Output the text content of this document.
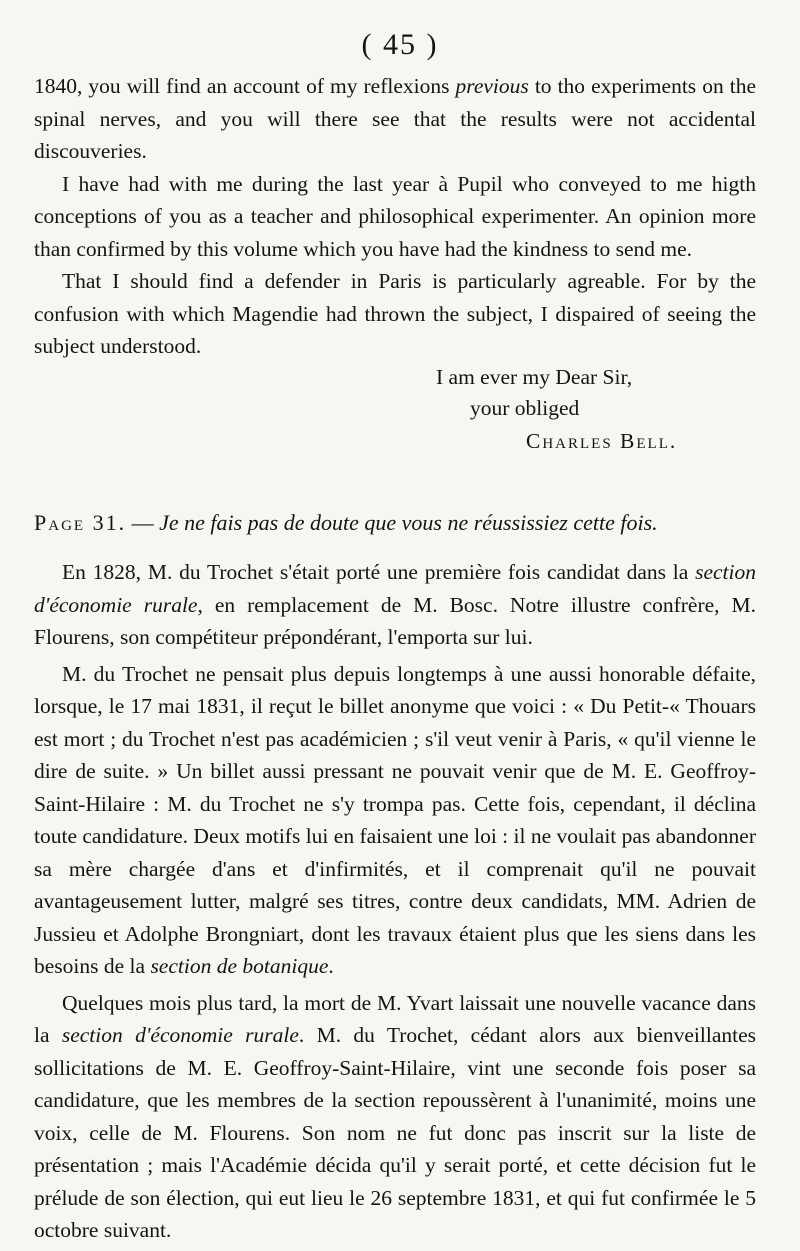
( 45 )

1840, you will find an account of my reflexions previous to tho experiments on the spinal nerves, and you will there see that the results were not accidental discouveries.

I have had with me during the last year à Pupil who conveyed to me higth conceptions of you as a teacher and philosophical experimenter. An opinion more than confirmed by this volume which you have had the kindness to send me.

That I should find a defender in Paris is particularly agreable. For by the confusion with which Magendie had thrown the subject, I dispaired of seeing the subject understood.

I am ever my Dear Sir,
your obliged
Charles Bell.
Page 31. — Je ne fais pas de doute que vous ne réussissiez cette fois.

En 1828, M. du Trochet s'était porté une première fois candidat dans la section d'économie rurale, en remplacement de M. Bosc. Notre illustre confrère, M. Flourens, son compétiteur prépondérant, l'emporta sur lui.

M. du Trochet ne pensait plus depuis longtemps à une aussi honorable défaite, lorsque, le 17 mai 1831, il reçut le billet anonyme que voici : « Du Petit-« Thouars est mort ; du Trochet n'est pas académicien ; s'il veut venir à Paris, « qu'il vienne le dire de suite. » Un billet aussi pressant ne pouvait venir que de M. E. Geoffroy-Saint-Hilaire : M. du Trochet ne s'y trompa pas. Cette fois, cependant, il déclina toute candidature. Deux motifs lui en faisaient une loi : il ne voulait pas abandonner sa mère chargée d'ans et d'infirmités, et il comprenait qu'il ne pouvait avantageusement lutter, malgré ses titres, contre deux candidats, MM. Adrien de Jussieu et Adolphe Brongniart, dont les travaux étaient plus que les siens dans les besoins de la section de botanique.

Quelques mois plus tard, la mort de M. Yvart laissait une nouvelle vacance dans la section d'économie rurale. M. du Trochet, cédant alors aux bienveillantes sollicitations de M. E. Geoffroy-Saint-Hilaire, vint une seconde fois poser sa candidature, que les membres de la section repoussèrent à l'unanimité, moins une voix, celle de M. Flourens. Son nom ne fut donc pas inscrit sur la liste de présentation ; mais l'Académie décida qu'il y serait porté, et cette décision fut le prélude de son élection, qui eut lieu le 26 septembre 1831, et qui fut confirmée le 5 octobre suivant.
